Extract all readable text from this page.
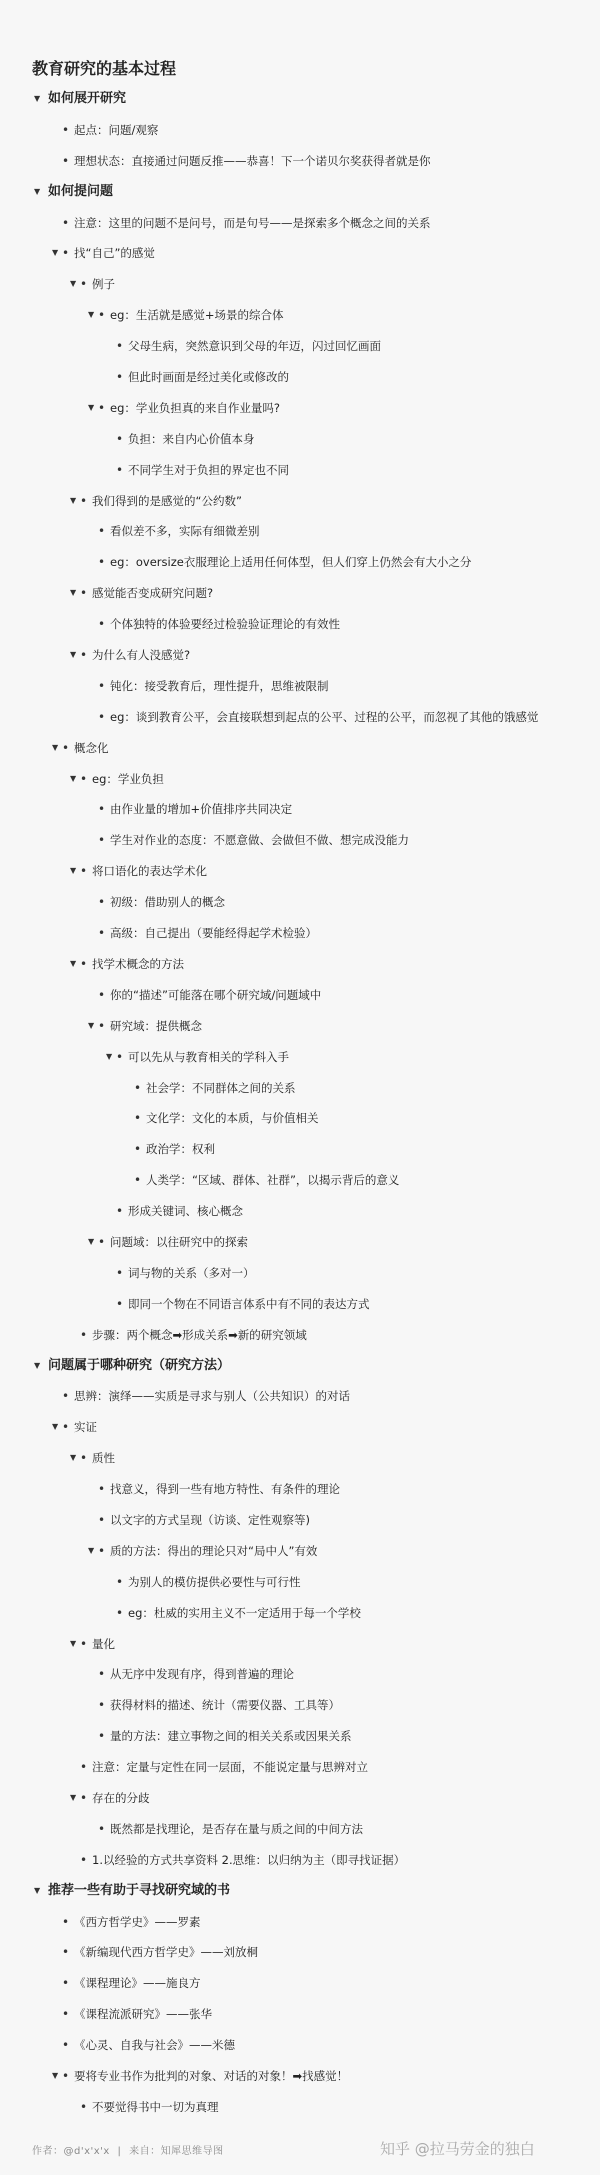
教育研究的基本过程
▼ 如何展开研究
• 起点：问题/观察
• 理想状态：直接通过问题反推——恭喜！下一个诺贝尔奖获得者就是你
▼ 如何提问题
• 注意：这里的问题不是问号，而是句号——是探索多个概念之间的关系
▼ • 找“自己”的感觉
▼ • 例子
▼ • eg：生活就是感觉+场景的综合体
• 父母生病，突然意识到父母的年迈，闪过回忆画面
• 但此时画面是经过美化或修改的
▼ • eg：学业负担真的来自作业量吗?
• 负担：来自内心价值本身
• 不同学生对于负担的界定也不同
▼ • 我们得到的是感觉的“公约数”
• 看似差不多，实际有细微差别
• eg：oversize衣服理论上适用任何体型，但人们穿上仍然会有大小之分
▼ • 感觉能否变成研究问题?
• 个体独特的体验要经过检验验证理论的有效性
▼ • 为什么有人没感觉?
• 钝化：接受教育后，理性提升，思维被限制
• eg：谈到教育公平，会直接联想到起点的公平、过程的公平，而忽视了其他的饿感觉
▼ • 概念化
▼ • eg：学业负担
• 由作业量的增加+价值排序共同决定
• 学生对作业的态度：不愿意做、会做但不做、想完成没能力
▼ • 将口语化的表达学术化
• 初级：借助别人的概念
• 高级：自己提出（要能经得起学术检验）
▼ • 找学术概念的方法
• 你的“描述”可能落在哪个研究域/问题域中
▼ • 研究域：提供概念
▼ • 可以先从与教育相关的学科入手
• 社会学：不同群体之间的关系
• 文化学：文化的本质，与价值相关
• 政治学：权利
• 人类学：“区域、群体、社群”，以揭示背后的意义
• 形成关键词、核心概念
▼ • 问题域：以往研究中的探索
• 词与物的关系（多对一）
• 即同一个物在不同语言体系中有不同的表达方式
• 步骤：两个概念➡形成关系➡新的研究领域
▼ 问题属于哪种研究（研究方法）
• 思辨：演绎——实质是寻求与别人（公共知识）的对话
▼ • 实证
▼ • 质性
• 找意义，得到一些有地方特性、有条件的理论
• 以文字的方式呈现（访谈、定性观察等)
▼ • 质的方法：得出的理论只对“局中人”有效
• 为别人的模仿提供必要性与可行性
• eg：杜威的实用主义不一定适用于每一个学校
▼ • 量化
• 从无序中发现有序，得到普遍的理论
• 获得材料的描述、统计（需要仪器、工具等）
• 量的方法：建立事物之间的相关关系或因果关系
• 注意：定量与定性在同一层面，不能说定量与思辨对立
▼ • 存在的分歧
• 既然都是找理论，是否存在量与质之间的中间方法
• 1.以经验的方式共享资料 2.思维：以归纳为主（即寻找证据）
▼ 推荐一些有助于寻找研究域的书
• 《西方哲学史》——罗素
• 《新编现代西方哲学史》——刘放桐
• 《课程理论》——施良方
• 《课程流派研究》——张华
• 《心灵、自我与社会》——米德
▼ • 要将专业书作为批判的对象、对话的对象！➡找感觉！
• 不要觉得书中一切为真理
作者：@d'x'x'x | 来自：知犀思维导图	知乎 @拉马劳金的独白
